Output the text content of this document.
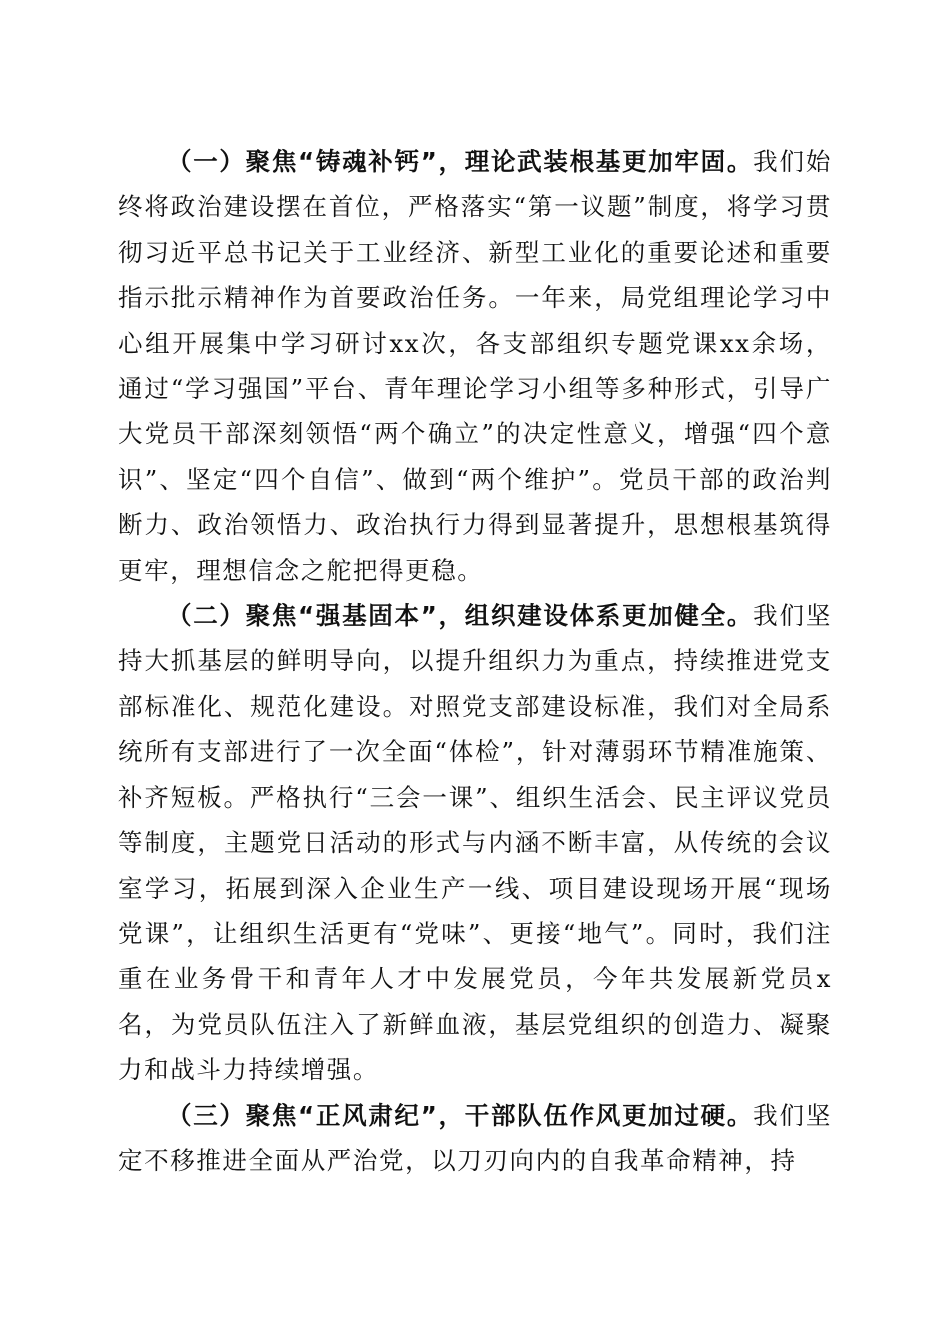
（一）聚焦“铸魂补钙”，理论武装根基更加牢固。我们始终将政治建设摆在首位，严格落实“第一议题”制度，将学习贯彻习近平总书记关于工业经济、新型工业化的重要论述和重要指示批示精神作为首要政治任务。一年来，局党组理论学习中心组开展集中学习研讨xx次，各支部组织专题党课xx余场，通过“学习强国”平台、青年理论学习小组等多种形式，引导广大党员干部深刻领悟“两个确立”的决定性意义，增强“四个意识”、坚定“四个自信”、做到“两个维护”。党员干部的政治判断力、政治领悟力、政治执行力得到显著提升，思想根基筑得更牢，理想信念之舵把得更稳。

（二）聚焦“强基固本”，组织建设体系更加健全。我们坚持大抓基层的鲜明导向，以提升组织力为重点，持续推进党支部标准化、规范化建设。对照党支部建设标准，我们对全局系统所有支部进行了一次全面“体检”，针对薄弱环节精准施策、补齐短板。严格执行“三会一课”、组织生活会、民主评议党员等制度，主题党日活动的形式与内涵不断丰富，从传统的会议室学习，拓展到深入企业生产一线、项目建设现场开展“现场党课”，让组织生活更有“党味”、更接“地气”。同时，我们注重在业务骨干和青年人才中发展党员，今年共发展新党员x名，为党员队伍注入了新鲜血液，基层党组织的创造力、凝聚力和战斗力持续增强。

（三）聚焦“正风肃纪”，干部队伍作风更加过硬。我们坚定不移推进全面从严治党，以刀刃向内的自我革命精神，持
